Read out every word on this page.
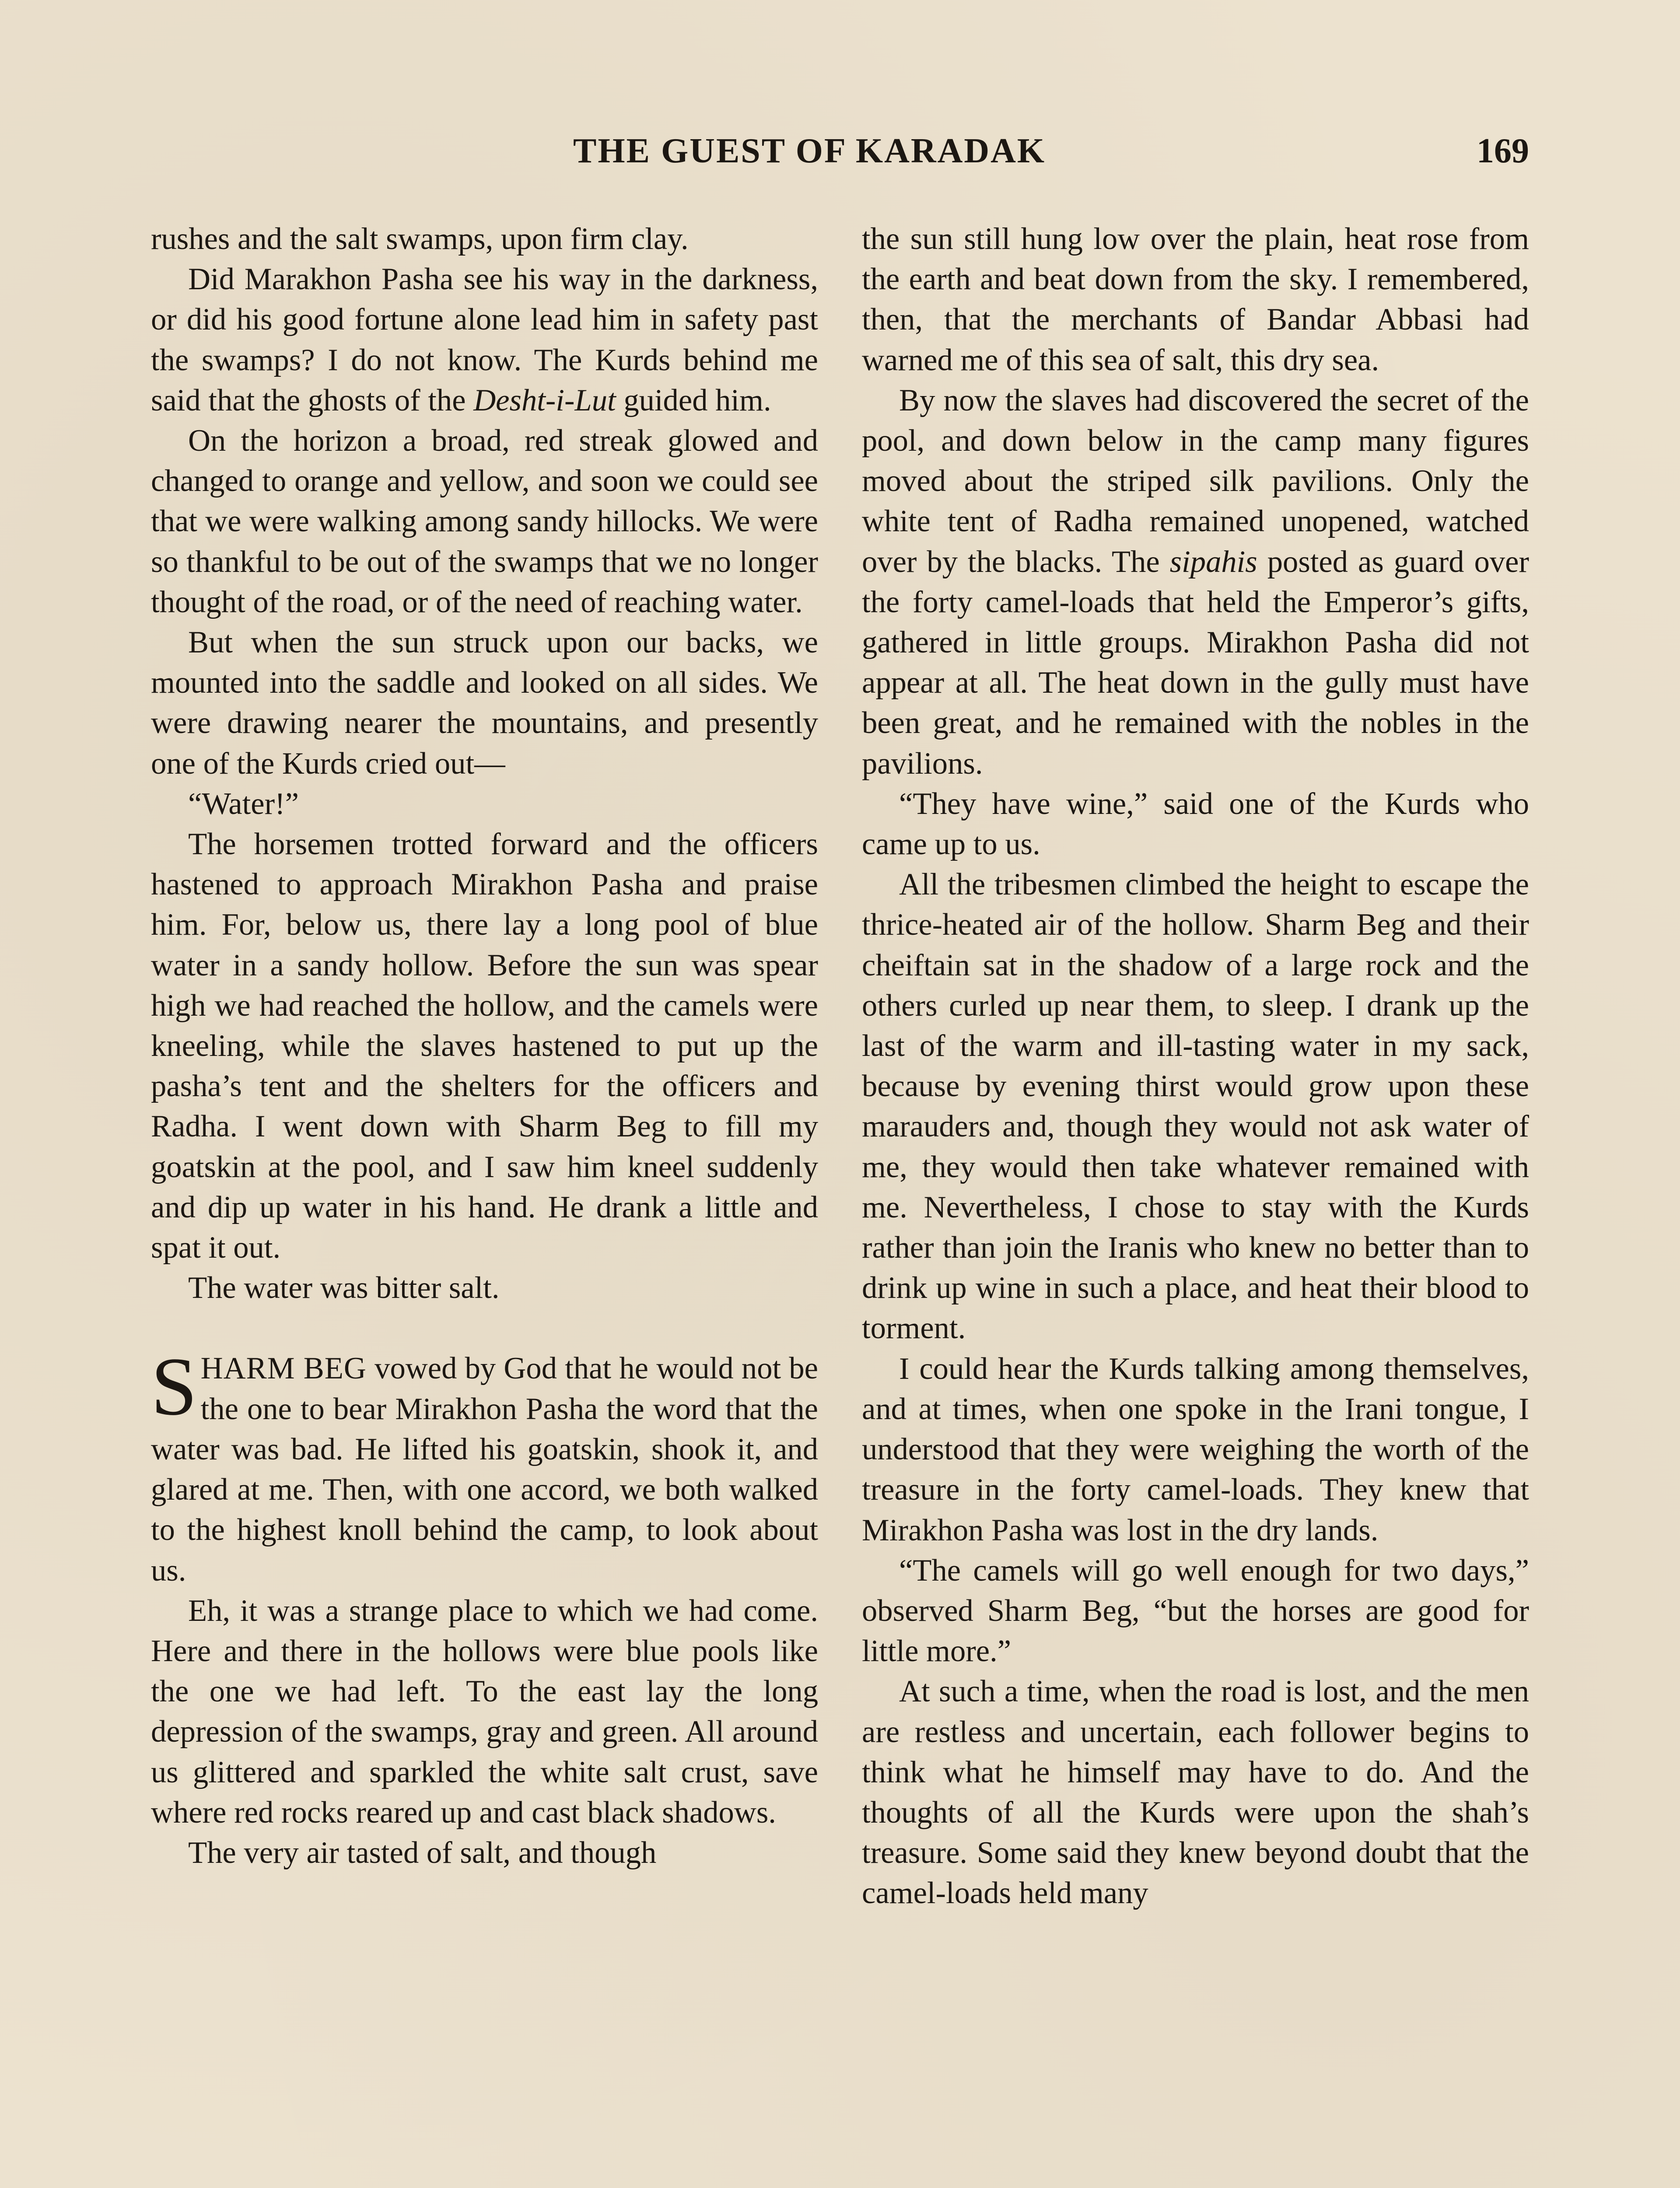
THE GUEST OF KARADAK	169

rushes and the salt swamps, upon firm clay.

Did Marakhon Pasha see his way in the darkness, or did his good fortune alone lead him in safety past the swamps? I do not know. The Kurds behind me said that the ghosts of the Desht-i-Lut guided him.

On the horizon a broad, red streak glowed and changed to orange and yellow, and soon we could see that we were walking among sandy hillocks. We were so thankful to be out of the swamps that we no longer thought of the road, or of the need of reaching water.

But when the sun struck upon our backs, we mounted into the saddle and looked on all sides. We were drawing nearer the mountains, and presently one of the Kurds cried out—

“Water!”

The horsemen trotted forward and the officers hastened to approach Mirakhon Pasha and praise him. For, below us, there lay a long pool of blue water in a sandy hollow. Before the sun was spear high we had reached the hollow, and the camels were kneeling, while the slaves hastened to put up the pasha’s tent and the shelters for the officers and Radha. I went down with Sharm Beg to fill my goatskin at the pool, and I saw him kneel suddenly and dip up water in his hand. He drank a little and spat it out.

The water was bitter salt.

SHARM BEG vowed by God that he would not be the one to bear Mirakhon Pasha the word that the water was bad. He lifted his goatskin, shook it, and glared at me. Then, with one accord, we both walked to the highest knoll behind the camp, to look about us.

Eh, it was a strange place to which we had come. Here and there in the hollows were blue pools like the one we had left. To the east lay the long depression of the swamps, gray and green. All around us glittered and sparkled the white salt crust, save where red rocks reared up and cast black shadows.

The very air tasted of salt, and though

the sun still hung low over the plain, heat rose from the earth and beat down from the sky. I remembered, then, that the merchants of Bandar Abbasi had warned me of this sea of salt, this dry sea.

By now the slaves had discovered the secret of the pool, and down below in the camp many figures moved about the striped silk pavilions. Only the white tent of Radha remained unopened, watched over by the blacks. The sipahis posted as guard over the forty camel-loads that held the Emperor’s gifts, gathered in little groups. Mirakhon Pasha did not appear at all. The heat down in the gully must have been great, and he remained with the nobles in the pavilions.

“They have wine,” said one of the Kurds who came up to us.

All the tribesmen climbed the height to escape the thrice-heated air of the hollow. Sharm Beg and their cheiftain sat in the shadow of a large rock and the others curled up near them, to sleep. I drank up the last of the warm and ill-tasting water in my sack, because by evening thirst would grow upon these marauders and, though they would not ask water of me, they would then take whatever remained with me. Nevertheless, I chose to stay with the Kurds rather than join the Iranis who knew no better than to drink up wine in such a place, and heat their blood to torment.

I could hear the Kurds talking among themselves, and at times, when one spoke in the Irani tongue, I understood that they were weighing the worth of the treasure in the forty camel-loads. They knew that Mirakhon Pasha was lost in the dry lands.

“The camels will go well enough for two days,” observed Sharm Beg, “but the horses are good for little more.”

At such a time, when the road is lost, and the men are restless and uncertain, each follower begins to think what he himself may have to do. And the thoughts of all the Kurds were upon the shah’s treasure. Some said they knew beyond doubt that the camel-loads held many
